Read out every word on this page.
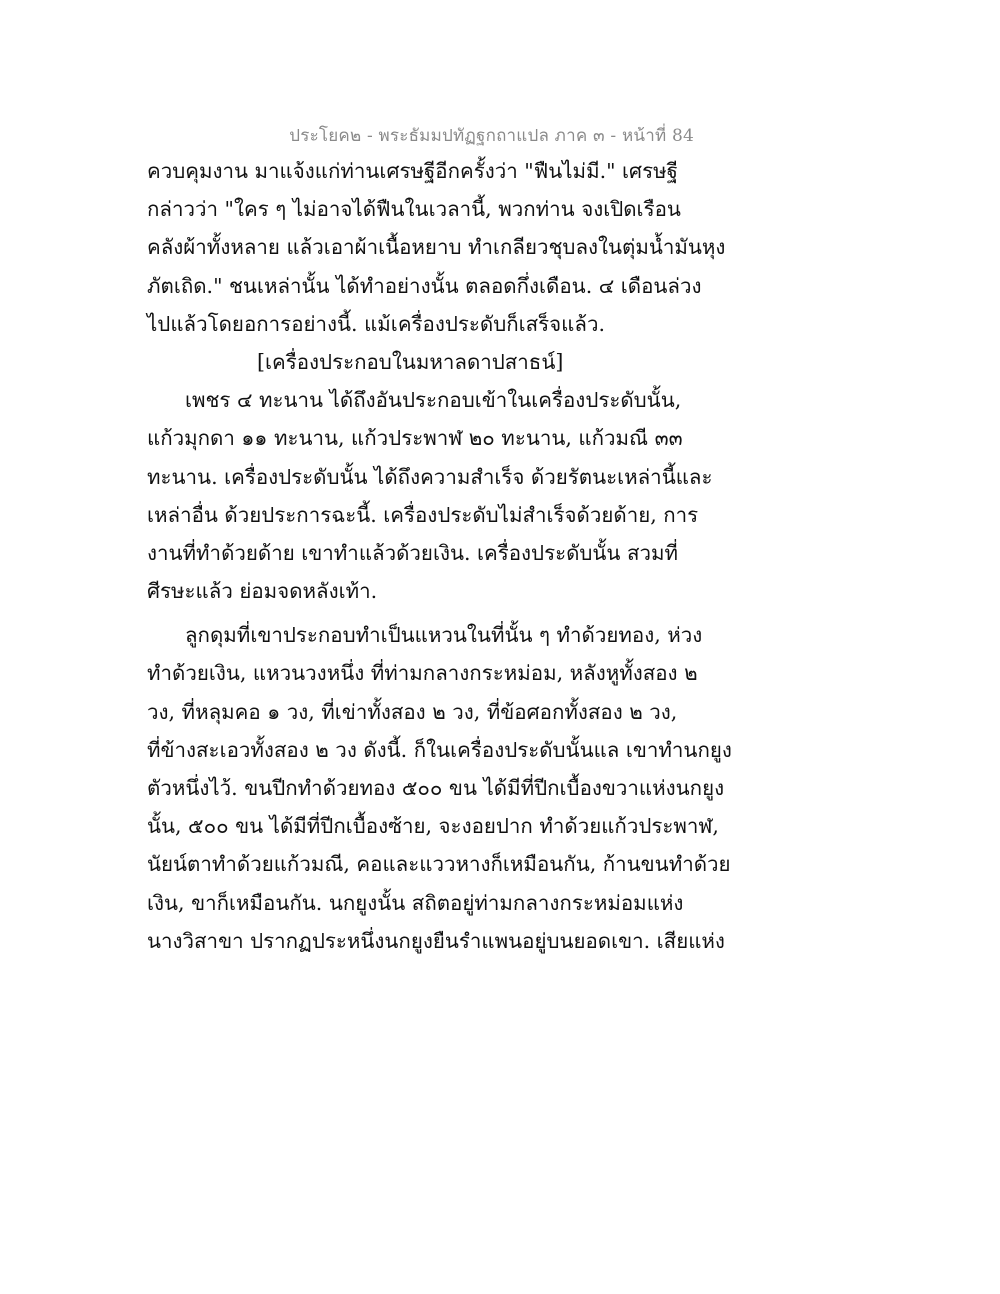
ประโยค๒ - พระธัมมปทัฏฐกถาแปล ภาค ๓ - หน้าที่ 84
ควบคุมงาน มาแจ้งแก่ท่านเศรษฐีอีกครั้งว่า "ฟืนไม่มี." เศรษฐี
กล่าวว่า "ใคร ๆ ไม่อาจได้ฟืนในเวลานี้, พวกท่าน จงเปิดเรือน
คลังผ้าทั้งหลาย แล้วเอาผ้าเนื้อหยาบ ทำเกลียวชุบลงในตุ่มน้ำมันหุง
ภัตเถิด." ชนเหล่านั้น ได้ทำอย่างนั้น ตลอดกึ่งเดือน. ๔ เดือนล่วง
ไปแล้วโดยอการอย่างนี้. แม้เครื่องประดับก็เสร็จแล้ว.
[เครื่องประกอบในมหาลดาปสาธน์]
เพชร ๔ ทะนาน ได้ถึงอันประกอบเข้าในเครื่องประดับนั้น,
แก้วมุกดา ๑๑ ทะนาน, แก้วประพาฬ ๒๐ ทะนาน, แก้วมณี ๓๓
ทะนาน. เครื่องประดับนั้น ได้ถึงความสำเร็จ ด้วยรัตนะเหล่านี้และ
เหล่าอื่น ด้วยประการฉะนี้. เครื่องประดับไม่สำเร็จด้วยด้าย, การ
งานที่ทำด้วยด้าย เขาทำแล้วด้วยเงิน. เครื่องประดับนั้น สวมที่
ศีรษะแล้ว ย่อมจดหลังเท้า.
ลูกดุมที่เขาประกอบทำเป็นแหวนในที่นั้น ๆ ทำด้วยทอง, ห่วง
ทำด้วยเงิน, แหวนวงหนึ่ง ที่ท่ามกลางกระหม่อม, หลังหูทั้งสอง ๒
วง, ที่หลุมคอ ๑ วง, ที่เข่าทั้งสอง ๒ วง, ที่ข้อศอกทั้งสอง ๒ วง,
ที่ข้างสะเอวทั้งสอง ๒ วง ดังนี้. ก็ในเครื่องประดับนั้นแล เขาทำนกยูง
ตัวหนึ่งไว้. ขนปีกทำด้วยทอง ๕๐๐ ขน ได้มีที่ปีกเบื้องขวาแห่งนกยูง
นั้น, ๕๐๐ ขน ได้มีที่ปีกเบื้องซ้าย, จะงอยปาก ทำด้วยแก้วประพาฬ,
นัยน์ตาทำด้วยแก้วมณี, คอและแววหางก็เหมือนกัน, ก้านขนทำด้วย
เงิน, ขาก็เหมือนกัน. นกยูงนั้น สถิตอยู่ท่ามกลางกระหม่อมแห่ง
นางวิสาขา ปรากฏประหนึ่งนกยูงยืนรำแพนอยู่บนยอดเขา. เสียแห่ง
